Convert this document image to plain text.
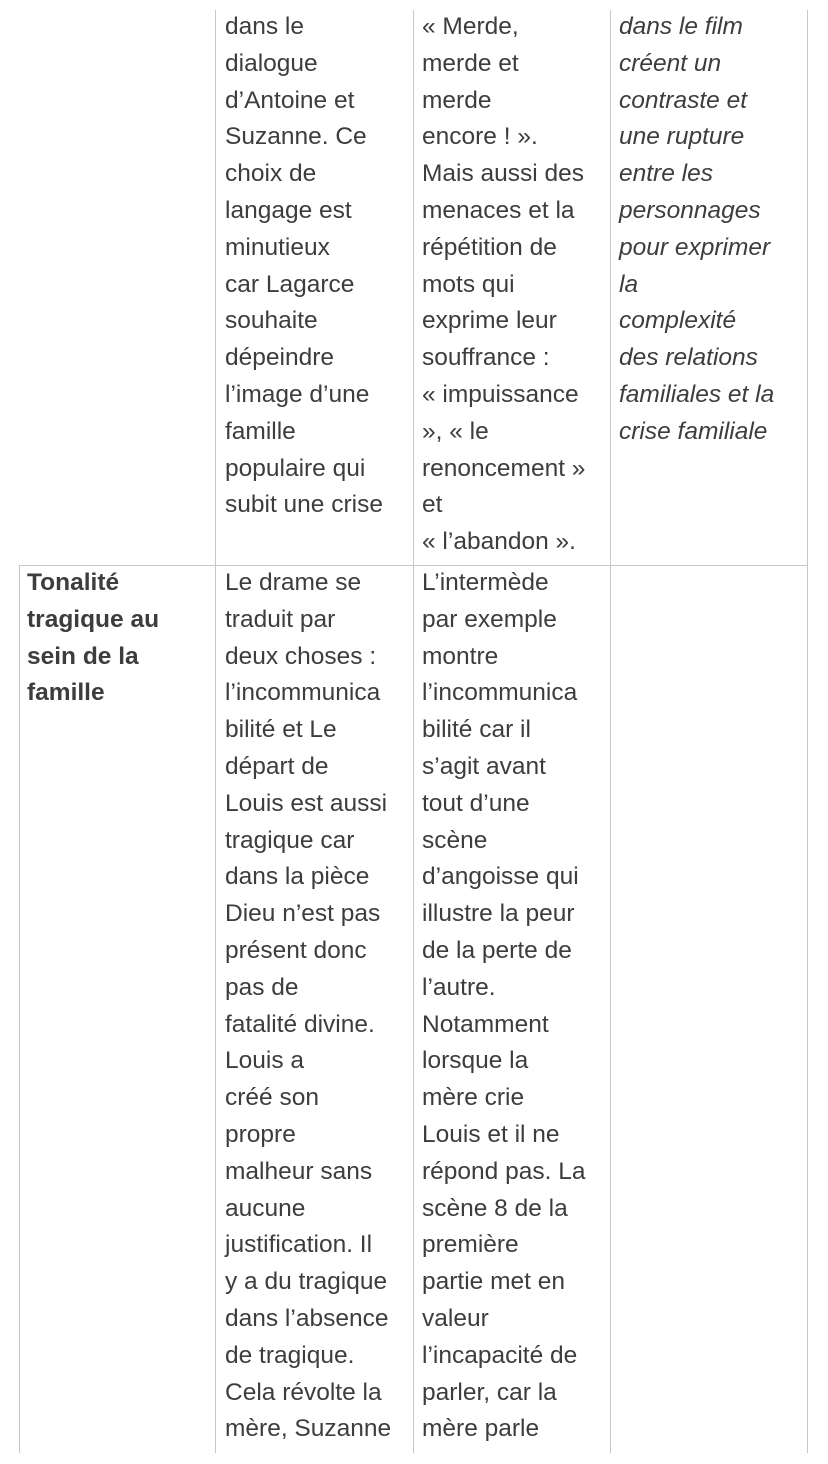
dans le
dialogue
d’Antoine et
Suzanne. Ce
choix de
langage est
minutieux
car Lagarce
souhaite
dépeindre
l’image d’une
famille
populaire qui
subit une crise

« Merde,
merde et
merde
encore ! ».
Mais aussi des
menaces et la
répétition de
mots qui
exprime leur
souffrance :
« impuissance
», « le
renoncement »
et
« l’abandon ».

dans le film
créent un
contraste et
une rupture
entre les
personnages
pour exprimer
la
complexité
des relations
familiales et la
crise familiale

Tonalité
tragique au
sein de la
famille

Le drame se
traduit par
deux choses :
l’incommunica
bilité et Le
départ de
Louis est aussi
tragique car
dans la pièce
Dieu n’est pas
présent donc
pas de
fatalité divine.
Louis a
créé son
propre
malheur sans
aucune
justification. Il
y a du tragique
dans l’absence
de tragique.
Cela révolte la
mère, Suzanne

L’intermède
par exemple
montre
l’incommunica
bilité car il
s’agit avant
tout d’une
scène
d’angoisse qui
illustre la peur
de la perte de
l’autre.
Notamment
lorsque la
mère crie
Louis et il ne
répond pas. La
scène 8 de la
première
partie met en
valeur
l’incapacité de
parler, car la
mère parle
